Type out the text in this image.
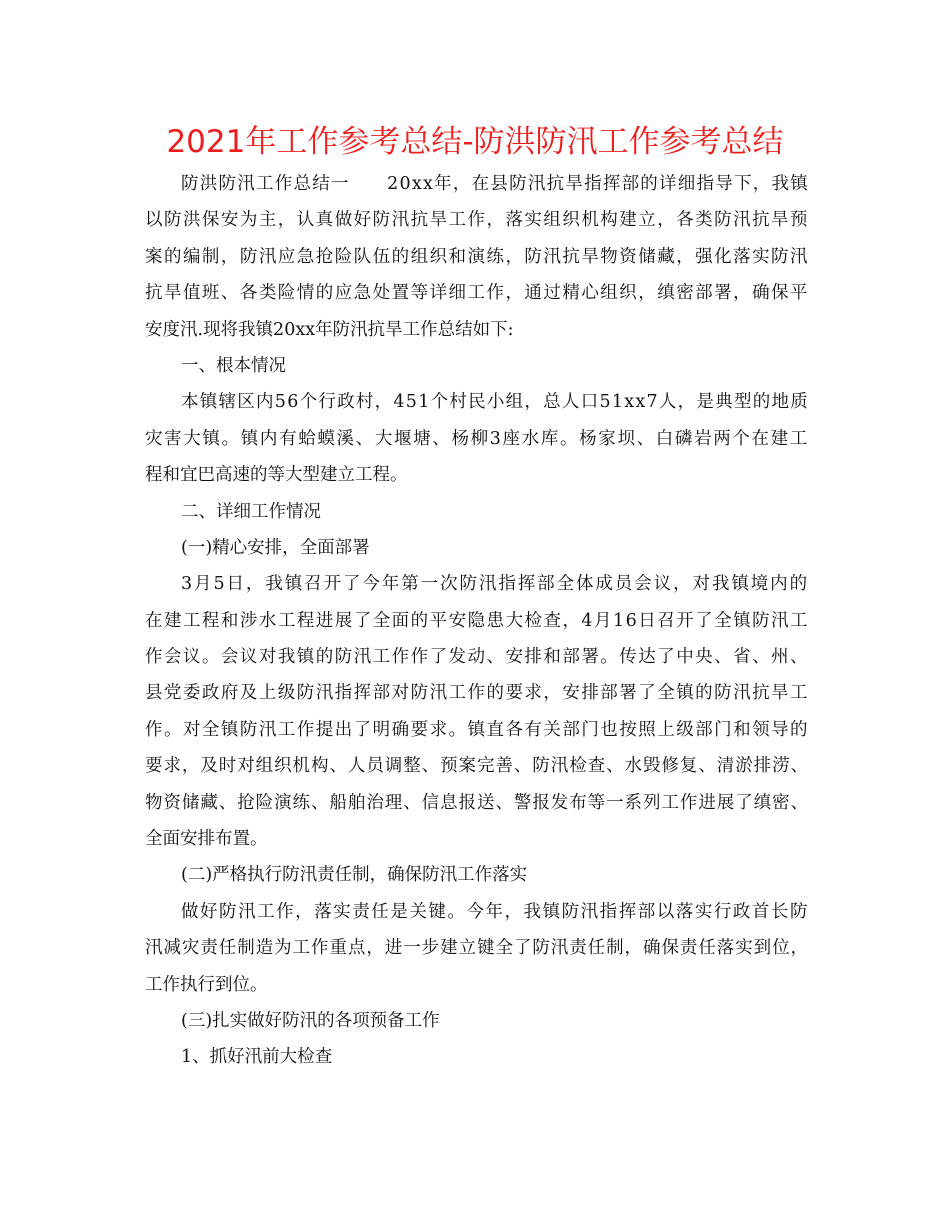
2021年工作参考总结-防洪防汛工作参考总结
防洪防汛工作总结一　　20xx年，在县防汛抗旱指挥部的详细指导下，我镇
以防洪保安为主，认真做好防汛抗旱工作，落实组织机构建立，各类防汛抗旱预
案的编制，防汛应急抢险队伍的组织和演练，防汛抗旱物资储藏，强化落实防汛
抗旱值班、各类险情的应急处置等详细工作，通过精心组织，缜密部署，确保平
安度汛.现将我镇20xx年防汛抗旱工作总结如下:
一、根本情况
本镇辖区内56个行政村，451个村民小组，总人口51xx7人，是典型的地质
灾害大镇。镇内有蛤蟆溪、大堰塘、杨柳3座水库。杨家坝、白磷岩两个在建工
程和宜巴高速的等大型建立工程。
二、详细工作情况
(一)精心安排，全面部署
3月5日，我镇召开了今年第一次防汛指挥部全体成员会议，对我镇境内的
在建工程和涉水工程进展了全面的平安隐患大检查，4月16日召开了全镇防汛工
作会议。会议对我镇的防汛工作作了发动、安排和部署。传达了中央、省、州、
县党委政府及上级防汛指挥部对防汛工作的要求，安排部署了全镇的防汛抗旱工
作。对全镇防汛工作提出了明确要求。镇直各有关部门也按照上级部门和领导的
要求，及时对组织机构、人员调整、预案完善、防汛检查、水毁修复、清淤排涝、
物资储藏、抢险演练、船舶治理、信息报送、警报发布等一系列工作进展了缜密、
全面安排布置。
(二)严格执行防汛责任制，确保防汛工作落实
做好防汛工作，落实责任是关键。今年，我镇防汛指挥部以落实行政首长防
汛减灾责任制造为工作重点，进一步建立键全了防汛责任制，确保责任落实到位，
工作执行到位。
(三)扎实做好防汛的各项预备工作
1、抓好汛前大检查
